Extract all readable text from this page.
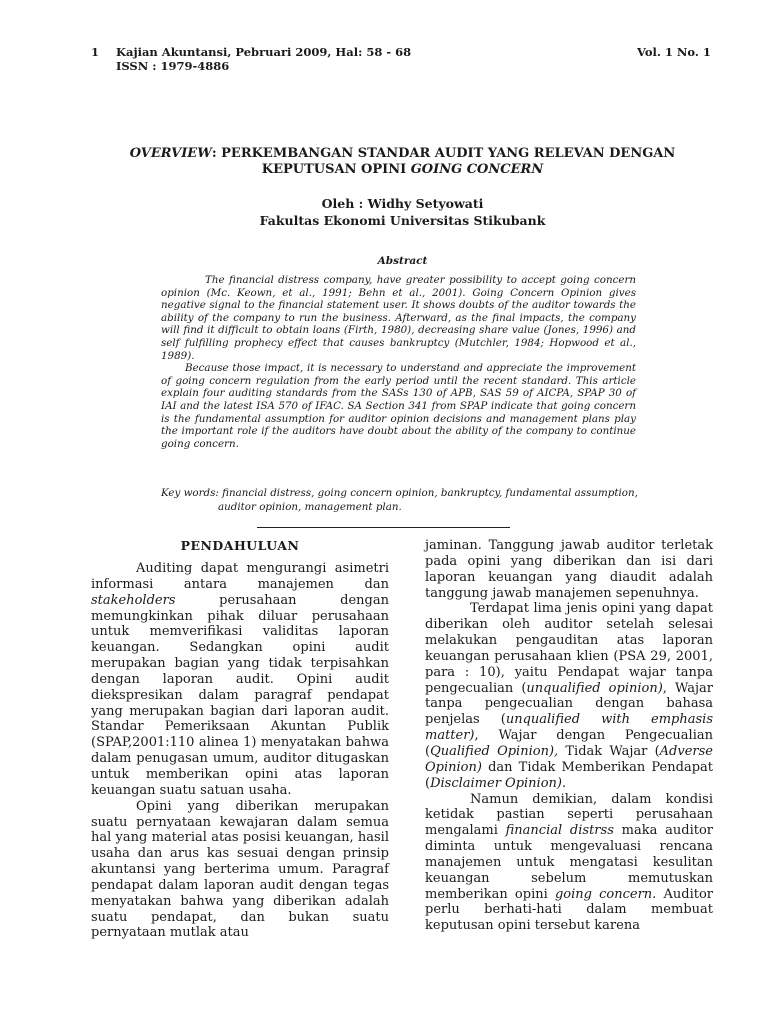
1 Kajian Akuntansi, Pebruari 2009, Hal: 58 - 68
ISSN : 1979-4886
Vol. 1 No. 1
OVERVIEW: PERKEMBANGAN STANDAR AUDIT YANG RELEVAN DENGAN
KEPUTUSAN OPINI GOING CONCERN
Oleh : Widhy Setyowati
Fakultas Ekonomi Universitas Stikubank
Abstract

The financial distress company, have greater possibility to accept going concern opinion (Mc. Keown, et al., 1991; Behn et al., 2001). Going Concern Opinion gives negative signal to the financial statement user. It shows doubts of the auditor towards the ability of the company to run the business. Afterward, as the final impacts, the company will find it difficult to obtain loans (Firth, 1980), decreasing share value (Jones, 1996) and self fulfilling prophecy effect that causes bankruptcy (Mutchler, 1984; Hopwood et al., 1989).

Because those impact, it is necessary to understand and appreciate the improvement of going concern regulation from the early period until the recent standard. This article explain four auditing standards from the SASs 130 of APB, SAS 59 of AICPA, SPAP 30 of IAI and the latest ISA 570 of IFAC. SA Section 341 from SPAP indicate that going concern is the fundamental assumption for auditor opinion decisions and management plans play the important role if the auditors have doubt about the ability of the company to continue going concern.

Key words: financial distress, going concern opinion, bankruptcy, fundamental assumption,
auditor opinion, management plan.
PENDAHULUAN

Auditing dapat mengurangi asimetri informasi antara manajemen dan stakeholders perusahaan dengan memungkinkan pihak diluar perusahaan untuk memverifikasi validitas laporan keuangan. Sedangkan opini audit merupakan bagian yang tidak terpisahkan dengan laporan audit. Opini audit diekspresikan dalam paragraf pendapat yang merupakan bagian dari laporan audit. Standar Pemeriksaan Akuntan Publik (SPAP,2001:110 alinea 1) menyatakan bahwa dalam penugasan umum, auditor ditugaskan untuk memberikan opini atas laporan keuangan suatu satuan usaha.

Opini yang diberikan merupakan suatu pernyataan kewajaran dalam semua hal yang material atas posisi keuangan, hasil usaha dan arus kas sesuai dengan prinsip akuntansi yang berterima umum. Paragraf pendapat dalam laporan audit dengan tegas menyatakan bahwa yang diberikan adalah suatu pendapat, dan bukan suatu pernyataan mutlak atau

jaminan. Tanggung jawab auditor terletak pada opini yang diberikan dan isi dari laporan keuangan yang diaudit adalah tanggung jawab manajemen sepenuhnya.

Terdapat lima jenis opini yang dapat diberikan oleh auditor setelah selesai melakukan pengauditan atas laporan keuangan perusahaan klien (PSA 29, 2001, para : 10), yaitu Pendapat wajar tanpa pengecualian (unqualified opinion), Wajar tanpa pengecualian dengan bahasa penjelas (unqualified with emphasis matter), Wajar dengan Pengecualian (Qualified Opinion), Tidak Wajar (Adverse Opinion) dan Tidak Memberikan Pendapat (Disclaimer Opinion).

Namun demikian, dalam kondisi ketidak pastian seperti perusahaan mengalami financial distrss maka auditor diminta untuk mengevaluasi rencana manajemen untuk mengatasi kesulitan keuangan sebelum memutuskan memberikan opini going concern. Auditor perlu berhati-hati dalam membuat keputusan opini tersebut karena
